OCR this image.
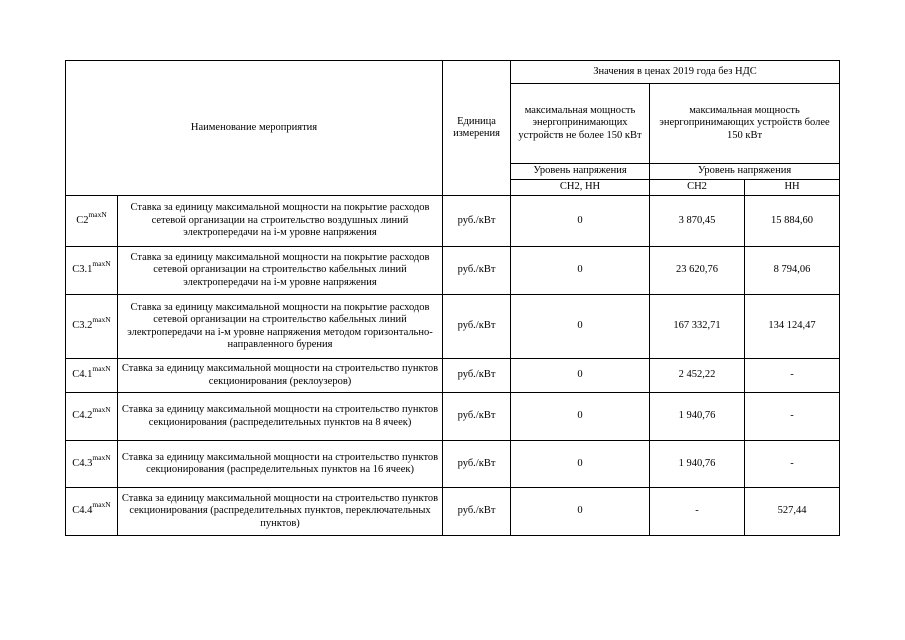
Наименование мероприятия		Единица измерения	Значения в ценах 2019 года без НДС		
			максимальная мощность энергопринимающих устройств не более 150 кВт	максимальная мощность энергопринимающих устройств более 150 кВт	
			Уровень напряжения	Уровень напряжения	
			СН2, НН	СН2	НН
$С2^{maxN}$	Ставка за единицу максимальной мощности на покрытие расходов сетевой организации на строительство воздушных линий электропередачи на i-м уровне напряжения	руб./кВт	0	3 870,45	15 884,60
$С3.1^{maxN}$	Ставка за единицу максимальной мощности на покрытие расходов сетевой организации на строительство кабельных линий электропередачи на i-м уровне напряжения	руб./кВт	0	23 620,76	8 794,06
$С3.2^{maxN}$	Ставка за единицу максимальной мощности на покрытие расходов сетевой организации на строительство кабельных линий электропередачи на i-м уровне напряжения методом горизонтально-направленного бурения	руб./кВт	0	167 332,71	134 124,47
$С4.1^{maxN}$	Ставка за единицу максимальной мощности на строительство пунктов секционирования (реклоузеров)	руб./кВт	0	2 452,22	-
$С4.2^{maxN}$	Ставка за единицу максимальной мощности на строительство пунктов секционирования (распределительных пунктов на 8 ячеек)	руб./кВт	0	1 940,76	-
$С4.3^{maxN}$	Ставка за единицу максимальной мощности на строительство пунктов секционирования (распределительных пунктов на 16 ячеек)	руб./кВт	0	1 940,76	-
$С4.4^{maxN}$	Ставка за единицу максимальной мощности на строительство пунктов секционирования (распределительных пунктов, переключательных пунктов)	руб./кВт	0	-	527,44
